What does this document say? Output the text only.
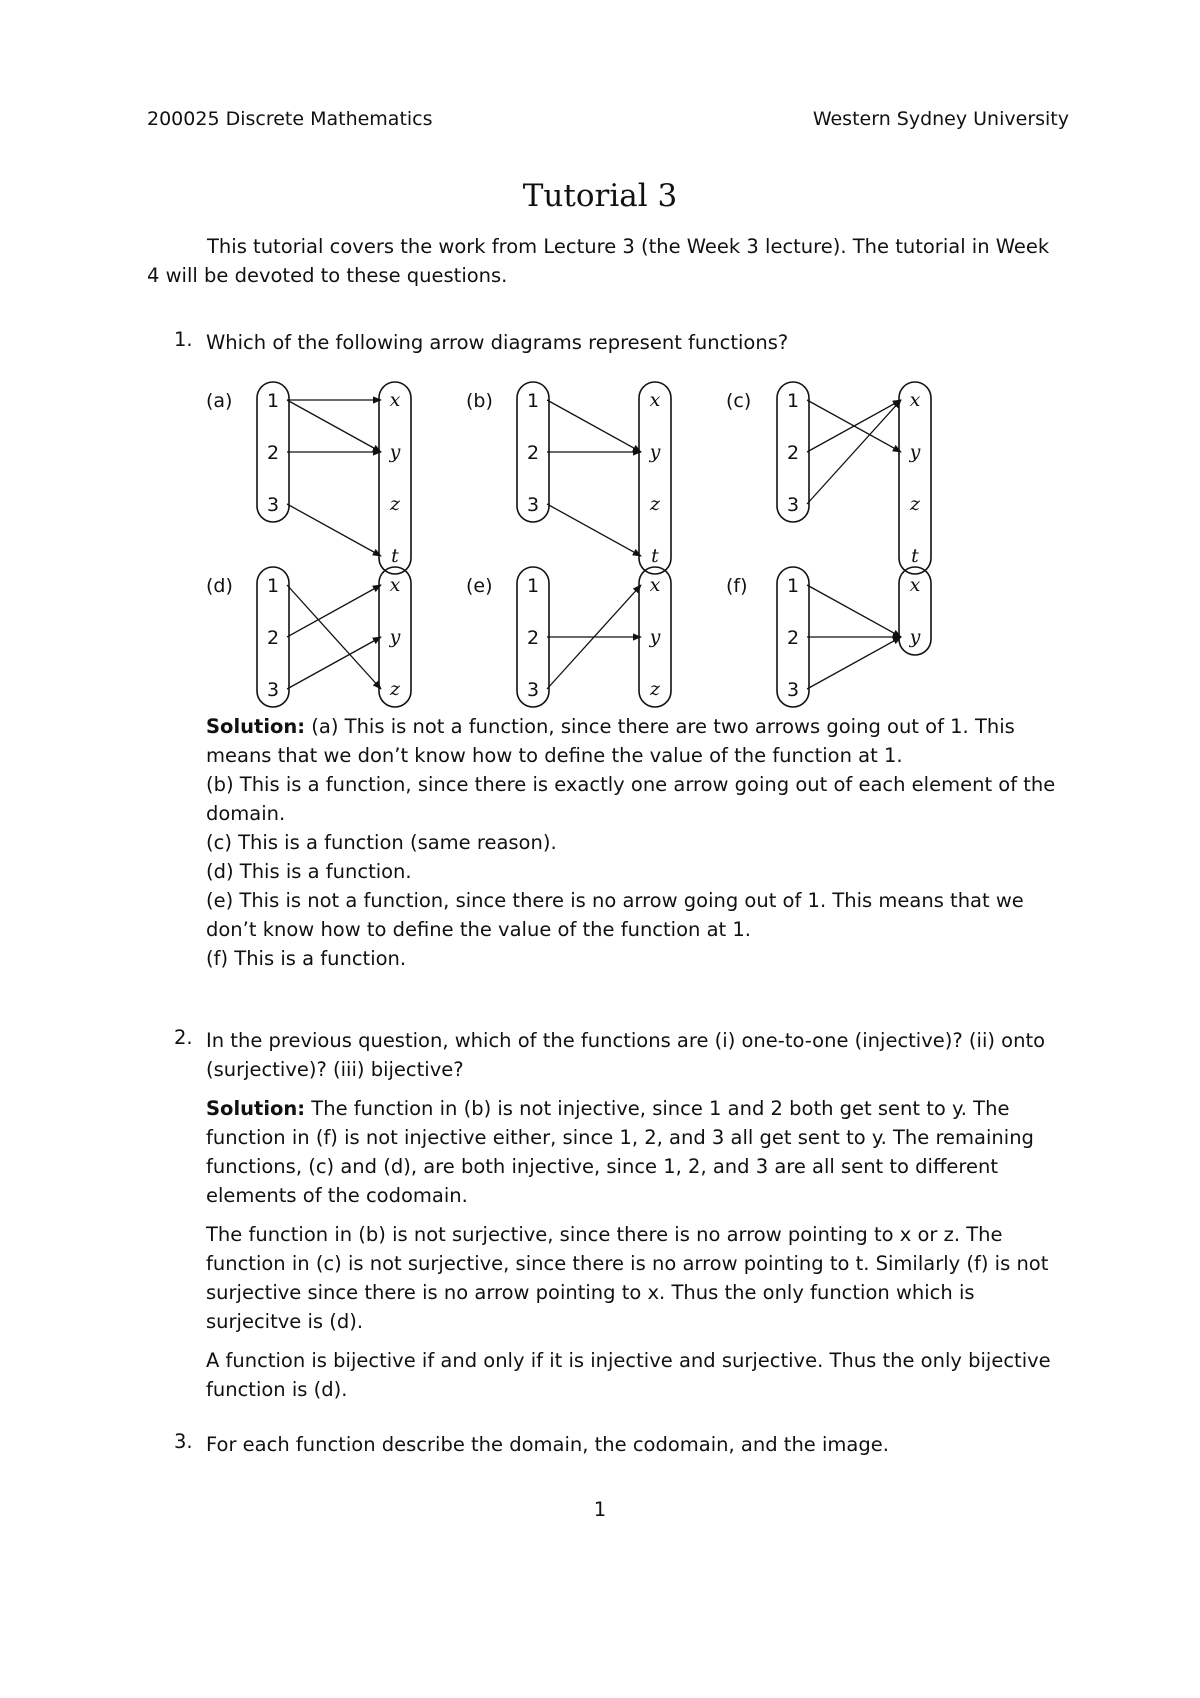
200025 Discrete Mathematics	Western Sydney University
Tutorial 3
This tutorial covers the work from Lecture 3 (the Week 3 lecture). The tutorial in Week 4 will be devoted to these questions.
1. Which of the following arrow diagrams represent functions?
(a) 1
2
3
x
y
z
t
(b) 1
2
3
x
y
z
t
(c) 1
2
3
x
y
z
t
(d) 1
2
3
x
y
z
(e) 1
2
3
x
y
z
(f) 1
2
3
x
y

Solution: (a) This is not a function, since there are two arrows going out of 1. This means that we don’t know how to define the value of the function at 1.

(b) This is a function, since there is exactly one arrow going out of each element of the domain.

(c) This is a function (same reason).

(d) This is a function.

(e) This is not a function, since there is no arrow going out of 1. This means that we don’t know how to define the value of the function at 1.

(f) This is a function.

2. In the previous question, which of the functions are (i) one-to-one (injective)? (ii) onto (surjective)? (iii) bijective?

Solution: The function in (b) is not injective, since 1 and 2 both get sent to y. The function in (f) is not injective either, since 1, 2, and 3 all get sent to y. The remaining functions, (c) and (d), are both injective, since 1, 2, and 3 are all sent to different elements of the codomain.

The function in (b) is not surjective, since there is no arrow pointing to x or z. The function in (c) is not surjective, since there is no arrow pointing to t. Similarly (f) is not surjective since there is no arrow pointing to x. Thus the only function which is surjecitve is (d).

A function is bijective if and only if it is injective and surjective. Thus the only bijective function is (d).

3. For each function describe the domain, the codomain, and the image.
1
